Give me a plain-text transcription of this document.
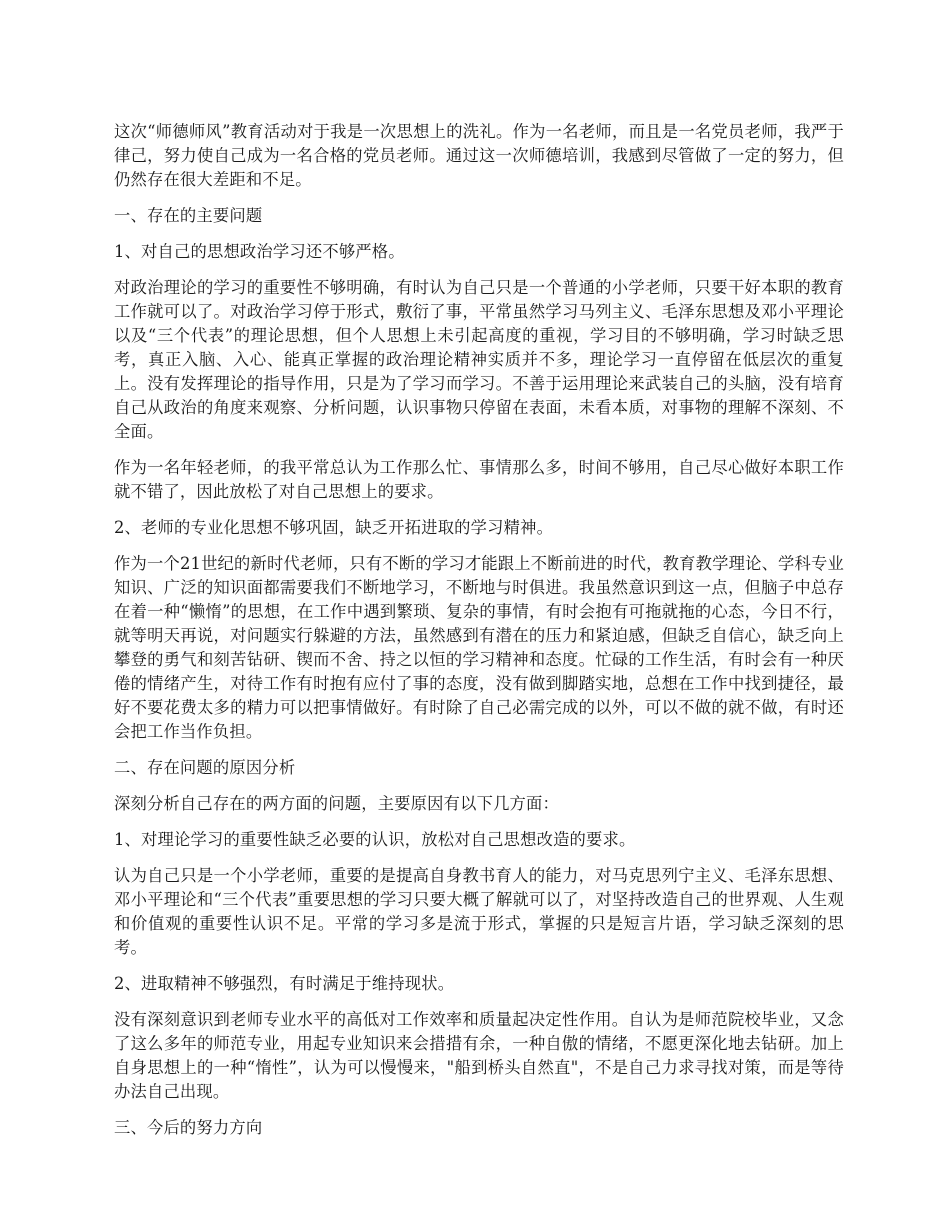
这次“师德师风”教育活动对于我是一次思想上的洗礼。作为一名老师，而且是一名党员老师，我严于律己，努力使自己成为一名合格的党员老师。通过这一次师德培训，我感到尽管做了一定的努力，但仍然存在很大差距和不足。

一、存在的主要问题

1、对自己的思想政治学习还不够严格。

对政治理论的学习的重要性不够明确，有时认为自己只是一个普通的小学老师，只要干好本职的教育工作就可以了。对政治学习停于形式，敷衍了事，平常虽然学习马列主义、毛泽东思想及邓小平理论以及“三个代表”的理论思想，但个人思想上未引起高度的重视，学习目的不够明确，学习时缺乏思考，真正入脑、入心、能真正掌握的政治理论精神实质并不多，理论学习一直停留在低层次的重复上。没有发挥理论的指导作用，只是为了学习而学习。不善于运用理论来武装自己的头脑，没有培育自己从政治的角度来观察、分析问题，认识事物只停留在表面，未看本质，对事物的理解不深刻、不全面。

作为一名年轻老师，的我平常总认为工作那么忙、事情那么多，时间不够用，自己尽心做好本职工作就不错了，因此放松了对自己思想上的要求。

2、老师的专业化思想不够巩固，缺乏开拓进取的学习精神。

作为一个21世纪的新时代老师，只有不断的学习才能跟上不断前进的时代，教育教学理论、学科专业知识、广泛的知识面都需要我们不断地学习，不断地与时俱进。我虽然意识到这一点，但脑子中总存在着一种“懒惰”的思想，在工作中遇到繁琐、复杂的事情，有时会抱有可拖就拖的心态，今日不行，就等明天再说，对问题实行躲避的方法，虽然感到有潜在的压力和紧迫感，但缺乏自信心，缺乏向上攀登的勇气和刻苦钻研、锲而不舍、持之以恒的学习精神和态度。忙碌的工作生活，有时会有一种厌倦的情绪产生，对待工作有时抱有应付了事的态度，没有做到脚踏实地，总想在工作中找到捷径，最好不要花费太多的精力可以把事情做好。有时除了自己必需完成的以外，可以不做的就不做，有时还会把工作当作负担。

二、存在问题的原因分析

深刻分析自己存在的两方面的问题，主要原因有以下几方面：

1、对理论学习的重要性缺乏必要的认识，放松对自己思想改造的要求。

认为自己只是一个小学老师，重要的是提高自身教书育人的能力，对马克思列宁主义、毛泽东思想、邓小平理论和“三个代表”重要思想的学习只要大概了解就可以了，对坚持改造自己的世界观、人生观和价值观的重要性认识不足。平常的学习多是流于形式，掌握的只是短言片语，学习缺乏深刻的思考。

2、进取精神不够强烈，有时满足于维持现状。

没有深刻意识到老师专业水平的高低对工作效率和质量起决定性作用。自认为是师范院校毕业，又念了这么多年的师范专业，用起专业知识来会措措有余，一种自傲的情绪，不愿更深化地去钻研。加上自身思想上的一种“惰性”，认为可以慢慢来，"船到桥头自然直"，不是自己力求寻找对策，而是等待办法自己出现。

三、今后的努力方向
